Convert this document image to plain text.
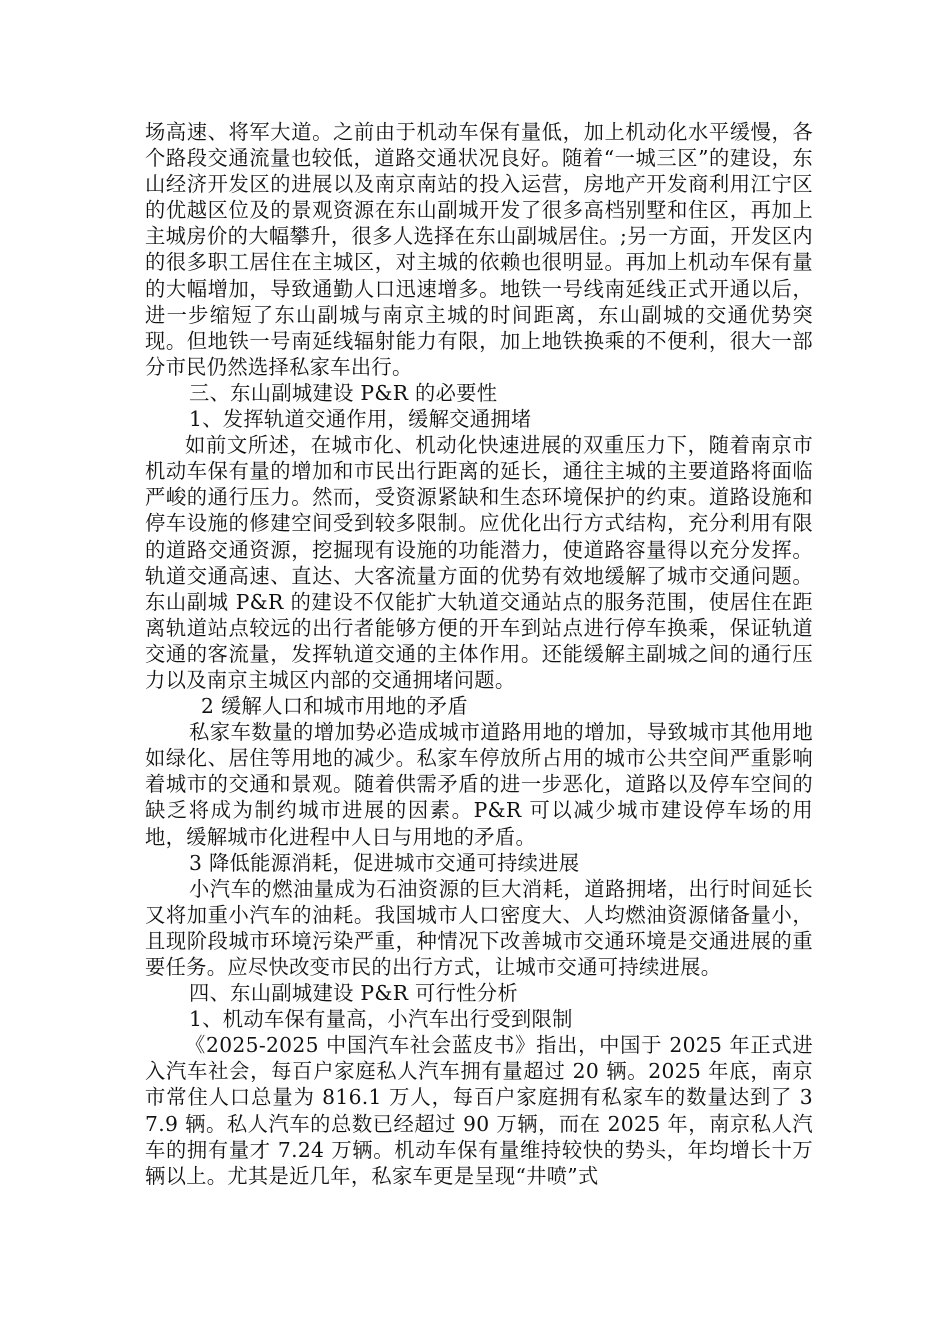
场高速、将军大道。之前由于机动车保有量低，加上机动化水平缓慢，各个路段交通流量也较低，道路交通状况良好。随着“一城三区”的建设，东山经济开发区的进展以及南京南站的投入运营，房地产开发商利用江宁区的优越区位及的景观资源在东山副城开发了很多高档别墅和住区，再加上主城房价的大幅攀升，很多人选择在东山副城居住。;另一方面，开发区内的很多职工居住在主城区，对主城的依赖也很明显。再加上机动车保有量的大幅增加，导致通勤人口迅速增多。地铁一号线南延线正式开通以后，进一步缩短了东山副城与南京主城的时间距离，东山副城的交通优势突现。但地铁一号南延线辐射能力有限，加上地铁换乘的不便利，很大一部分市民仍然选择私家车出行。

三、东山副城建设 P&R 的必要性

1、发挥轨道交通作用，缓解交通拥堵

如前文所述，在城市化、机动化快速进展的双重压力下，随着南京市机动车保有量的增加和市民出行距离的延长，通往主城的主要道路将面临严峻的通行压力。然而，受资源紧缺和生态环境保护的约束。道路设施和停车设施的修建空间受到较多限制。应优化出行方式结构，充分利用有限的道路交通资源，挖掘现有设施的功能潜力，使道路容量得以充分发挥。轨道交通高速、直达、大客流量方面的优势有效地缓解了城市交通问题。东山副城 P&R 的建设不仅能扩大轨道交通站点的服务范围，使居住在距离轨道站点较远的出行者能够方便的开车到站点进行停车换乘，保证轨道交通的客流量，发挥轨道交通的主体作用。还能缓解主副城之间的通行压力以及南京主城区内部的交通拥堵问题。

2 缓解人口和城市用地的矛盾

私家车数量的增加势必造成城市道路用地的增加，导致城市其他用地如绿化、居住等用地的减少。私家车停放所占用的城市公共空间严重影响着城市的交通和景观。随着供需矛盾的进一步恶化，道路以及停车空间的缺乏将成为制约城市进展的因素。P&R 可以减少城市建设停车场的用地，缓解城市化进程中人日与用地的矛盾。

3 降低能源消耗，促进城市交通可持续进展

小汽车的燃油量成为石油资源的巨大消耗，道路拥堵，出行时间延长又将加重小汽车的油耗。我国城市人口密度大、人均燃油资源储备量小，且现阶段城市环境污染严重，种情况下改善城市交通环境是交通进展的重要任务。应尽快改变市民的出行方式，让城市交通可持续进展。

四、东山副城建设 P&R 可行性分析

1、机动车保有量高，小汽车出行受到限制

《2025-2025 中国汽车社会蓝皮书》指出，中国于 2025 年正式进入汽车社会，每百户家庭私人汽车拥有量超过 20 辆。2025 年底，南京市常住人口总量为 816.1 万人，每百户家庭拥有私家车的数量达到了 37.9 辆。私人汽车的总数已经超过 90 万辆，而在 2025 年，南京私人汽车的拥有量才 7.24 万辆。机动车保有量维持较快的势头，年均增长十万辆以上。尤其是近几年，私家车更是呈现“井喷”式
